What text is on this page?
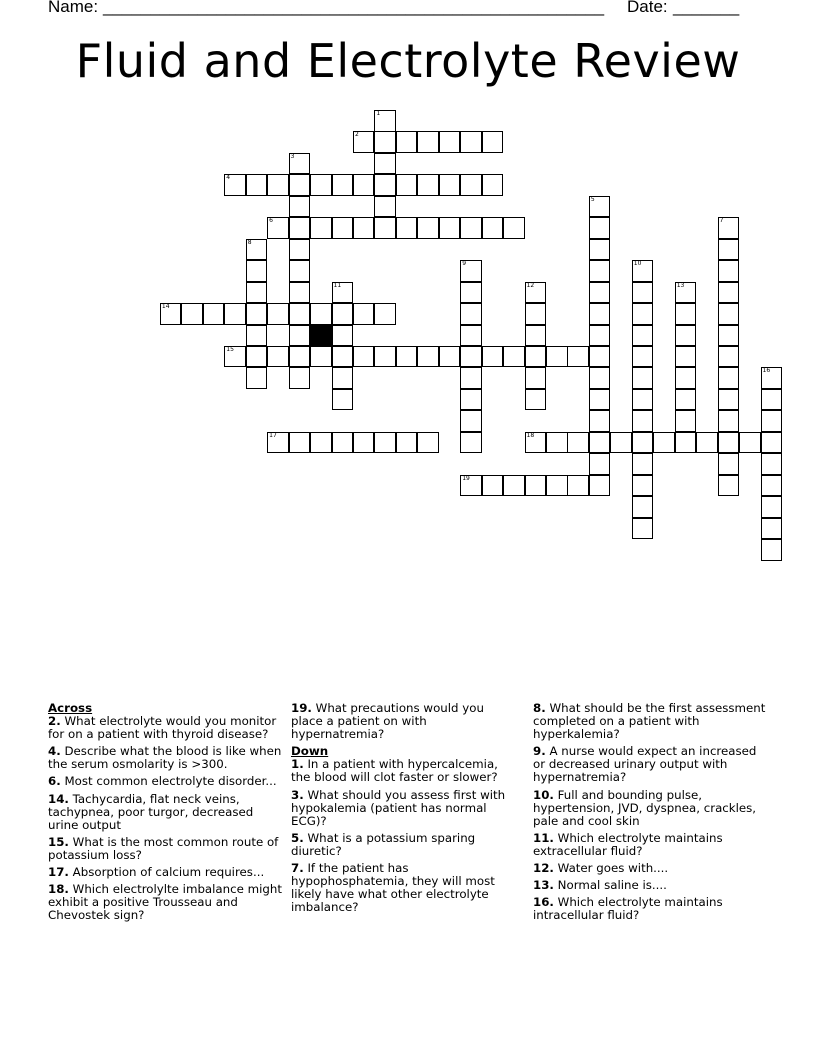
Name: _____________________________________________________ Date: _______
Fluid and Electrolyte Review
1
2
3
4
5
6	7
8
9	10
11	12	13
14
15
16
17	18
19
Across
2. What electrolyte would you monitor for on a patient with thyroid disease?
4. Describe what the blood is like when the serum osmolarity is >300.
6. Most common electrolyte disorder...
14. Tachycardia, flat neck veins, tachypnea, poor turgor, decreased urine output
15. What is the most common route of potassium loss?
17. Absorption of calcium requires...
18. Which electrolylte imbalance might exhibit a positive Trousseau and Chevostek sign?
19. What precautions would you place a patient on with hypernatremia?
Down
1. In a patient with hypercalcemia, the blood will clot faster or slower?
3. What should you assess first with hypokalemia (patient has normal ECG)?
5. What is a potassium sparing diuretic?
7. If the patient has hypophosphatemia, they will most likely have what other electrolyte imbalance?
8. What should be the first assessment completed on a patient with hyperkalemia?
9. A nurse would expect an increased or decreased urinary output with hypernatremia?
10. Full and bounding pulse, hypertension, JVD, dyspnea, crackles, pale and cool skin
11. Which electrolyte maintains extracellular fluid?
12. Water goes with....
13. Normal saline is....
16. Which electrolyte maintains intracellular fluid?
